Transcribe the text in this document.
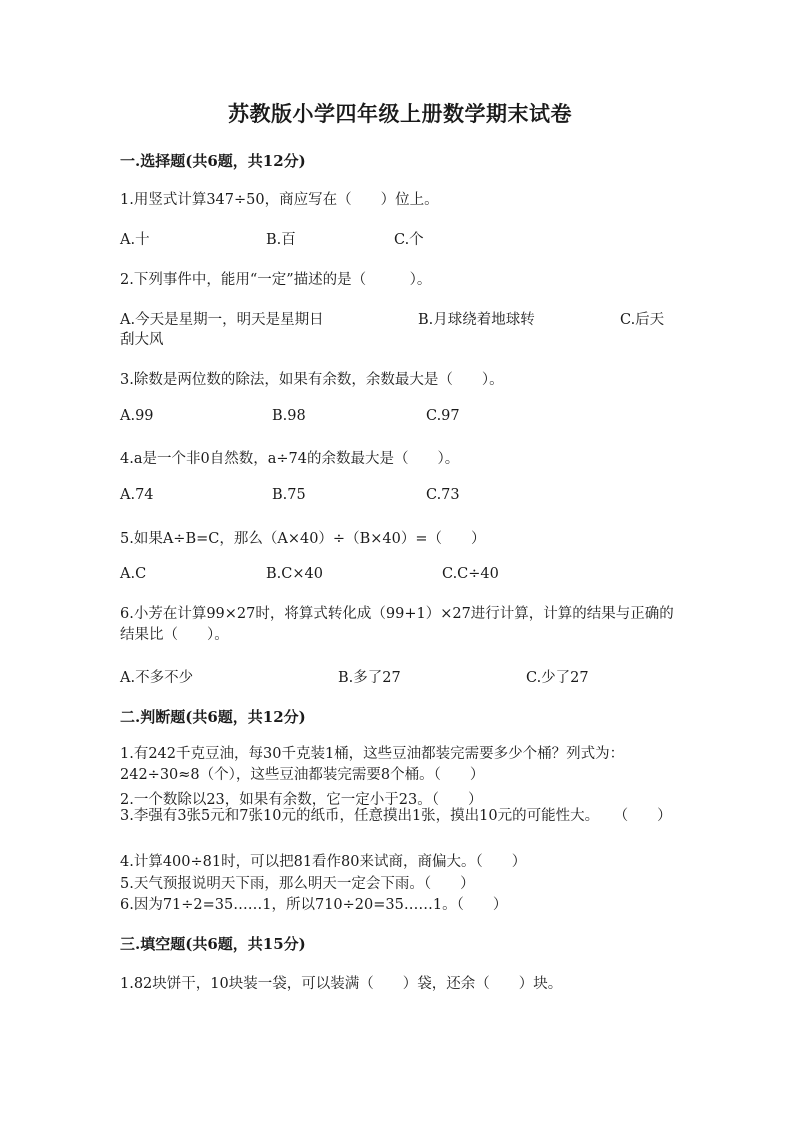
苏教版小学四年级上册数学期末试卷
一.选择题(共6题，共12分)
1.用竖式计算347÷50，商应写在（　　）位上。
A.十	B.百	C.个
2.下列事件中，能用“一定”描述的是（　　　）。
A.今天是星期一，明天是星期日	B.月球绕着地球转	C.后天
刮大风
3.除数是两位数的除法，如果有余数，余数最大是（　　）。
A.99	B.98	C.97
4.a是一个非0自然数，a÷74的余数最大是（　　）。
A.74	B.75	C.73
5.如果A÷B=C，那么（A×40）÷（B×40）=（　　）
A.C	B.C×40	C.C÷40
6.小芳在计算99×27时，将算式转化成（99+1）×27进行计算，计算的结果与正确的结果比（　　）。
A.不多不少	B.多了27	C.少了27
二.判断题(共6题，共12分)
1.有242千克豆油，每30千克装1桶，这些豆油都装完需要多少个桶？列式为：242÷30≈8（个），这些豆油都装完需要8个桶。（　　）
2.一个数除以23，如果有余数，它一定小于23。（　　）
3.李强有3张5元和7张10元的纸币，任意摸出1张，摸出10元的可能性大。　　（　　）
4.计算400÷81时，可以把81看作80来试商，商偏大。（　　）
5.天气预报说明天下雨，那么明天一定会下雨。（　　）
6.因为71÷2=35……1，所以710÷20=35……1。（　　）
三.填空题(共6题，共15分)
1.82块饼干，10块装一袋，可以装满（　　）袋，还余（　　）块。
